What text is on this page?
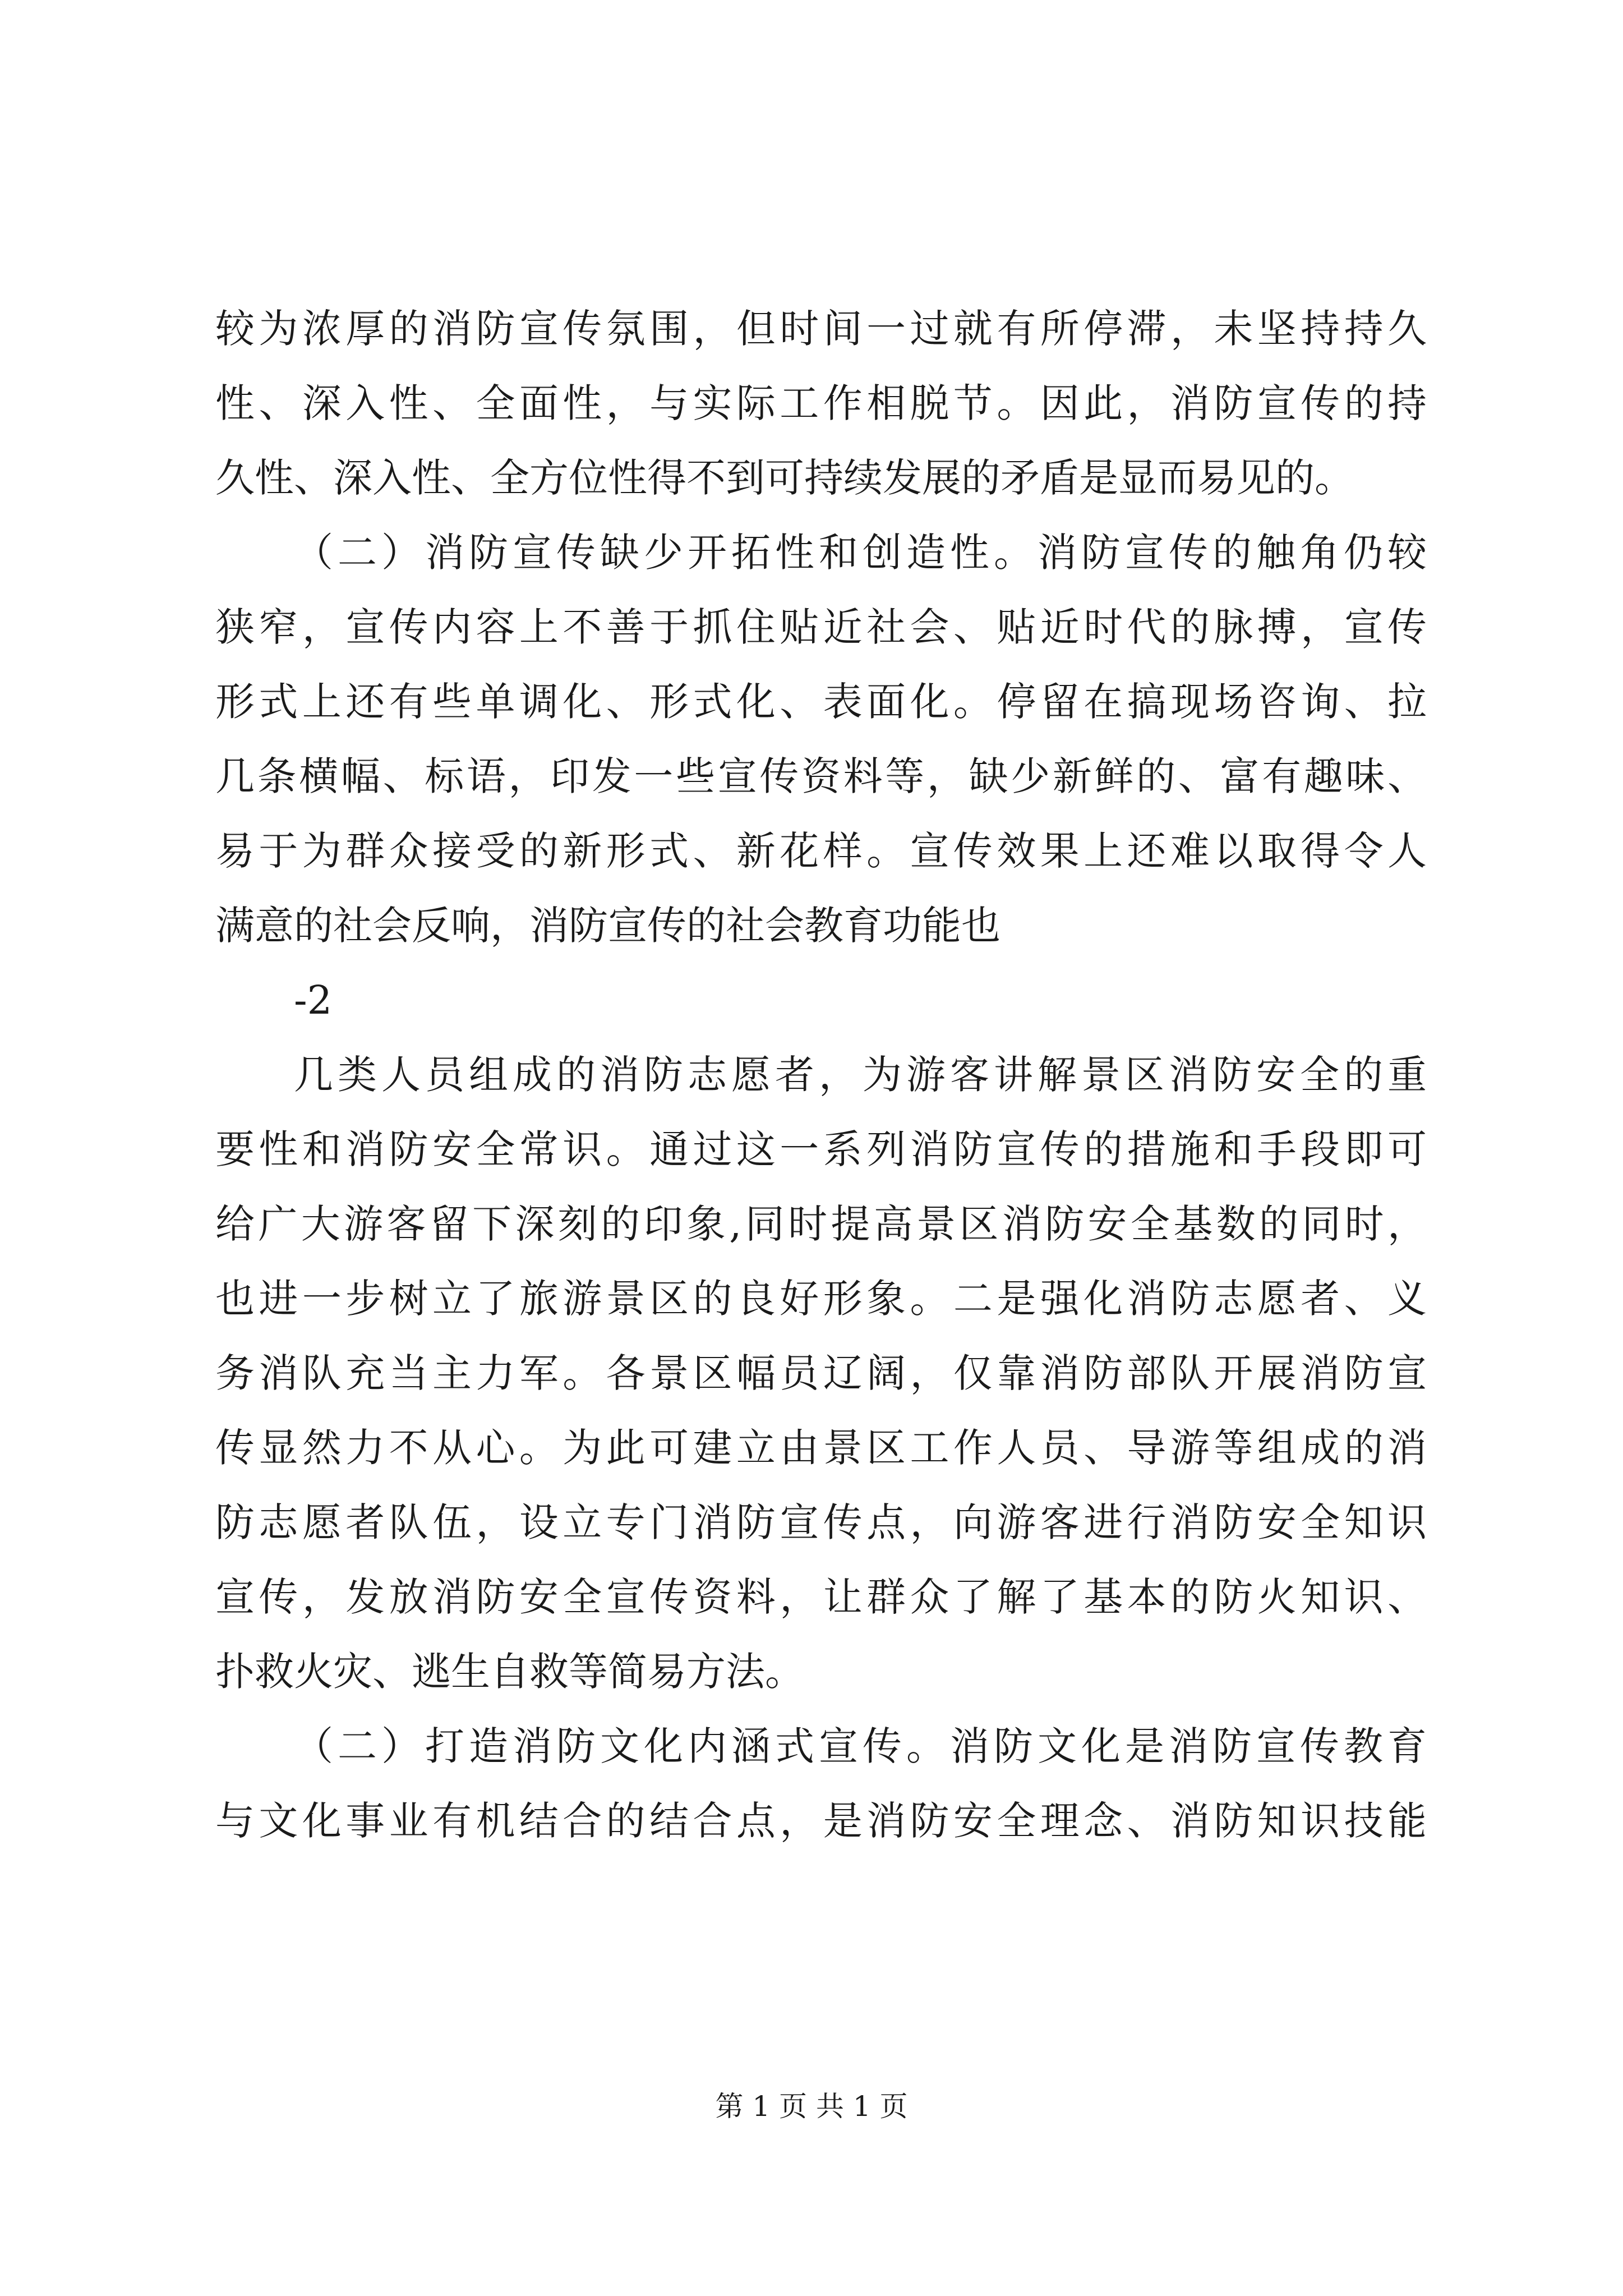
较为浓厚的消防宣传氛围，但时间一过就有所停滞，未坚持持久
性、深入性、全面性，与实际工作相脱节。因此，消防宣传的持
久性、深入性、全方位性得不到可持续发展的矛盾是显而易见的。
（二）消防宣传缺少开拓性和创造性。消防宣传的触角仍较
狭窄，宣传内容上不善于抓住贴近社会、贴近时代的脉搏，宣传
形式上还有些单调化、形式化、表面化。停留在搞现场咨询、拉
几条横幅、标语，印发一些宣传资料等，缺少新鲜的、富有趣味、
易于为群众接受的新形式、新花样。宣传效果上还难以取得令人
满意的社会反响，消防宣传的社会教育功能也
-2
几类人员组成的消防志愿者，为游客讲解景区消防安全的重
要性和消防安全常识。通过这一系列消防宣传的措施和手段即可
给广大游客留下深刻的印象,同时提高景区消防安全基数的同时，
也进一步树立了旅游景区的良好形象。二是强化消防志愿者、义
务消队充当主力军。各景区幅员辽阔，仅靠消防部队开展消防宣
传显然力不从心。为此可建立由景区工作人员、导游等组成的消
防志愿者队伍，设立专门消防宣传点，向游客进行消防安全知识
宣传，发放消防安全宣传资料，让群众了解了基本的防火知识、
扑救火灾、逃生自救等简易方法。
（二）打造消防文化内涵式宣传。消防文化是消防宣传教育
与文化事业有机结合的结合点，是消防安全理念、消防知识技能
第 1 页 共 1 页
